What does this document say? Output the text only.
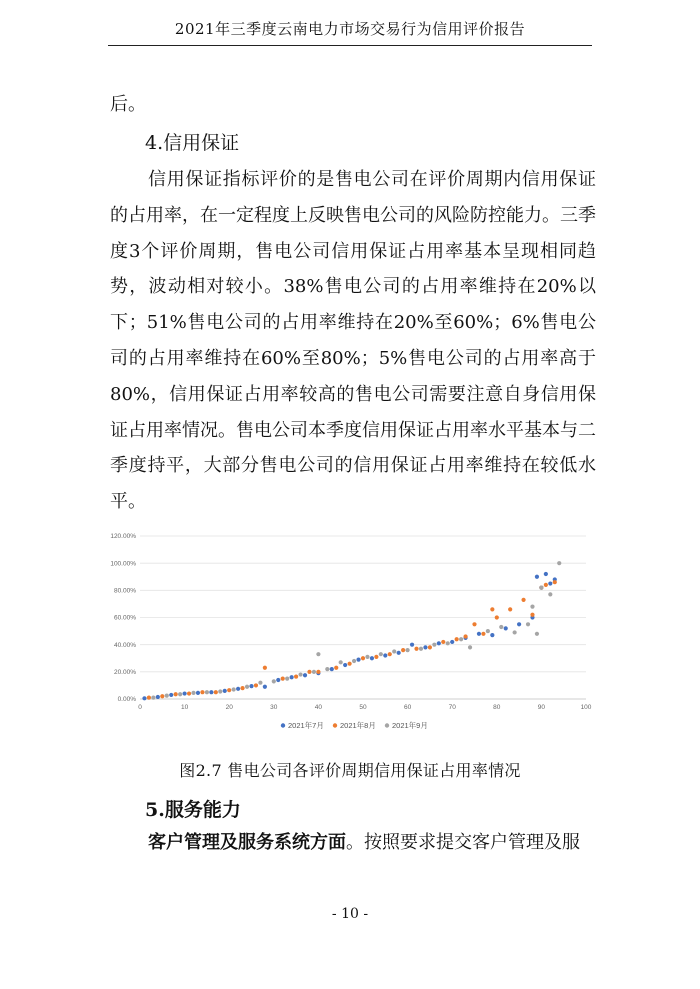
2021年三季度云南电力市场交易行为信用评价报告
后。
4.信用保证

信用保证指标评价的是售电公司在评价周期内信用保证的占用率，在一定程度上反映售电公司的风险防控能力。三季度3个评价周期，售电公司信用保证占用率基本呈现相同趋势，波动相对较小。38%售电公司的占用率维持在20%以下；51%售电公司的占用率维持在20%至60%；6%售电公司的占用率维持在60%至80%；5%售电公司的占用率高于80%，信用保证占用率较高的售电公司需要注意自身信用保证占用率情况。售电公司本季度信用保证占用率水平基本与二季度持平，大部分售电公司的信用保证占用率维持在较低水平。

0.00%
20.00%
40.00%
60.00%
80.00%
100.00%
120.00%
0	10	20	30	40	50	60	70	80	90	100
2021年7月 2021年8月 2021年9月
图2.7 售电公司各评价周期信用保证占用率情况
5.服务能力
客户管理及服务系统方面。按照要求提交客户管理及服
- 10 -
